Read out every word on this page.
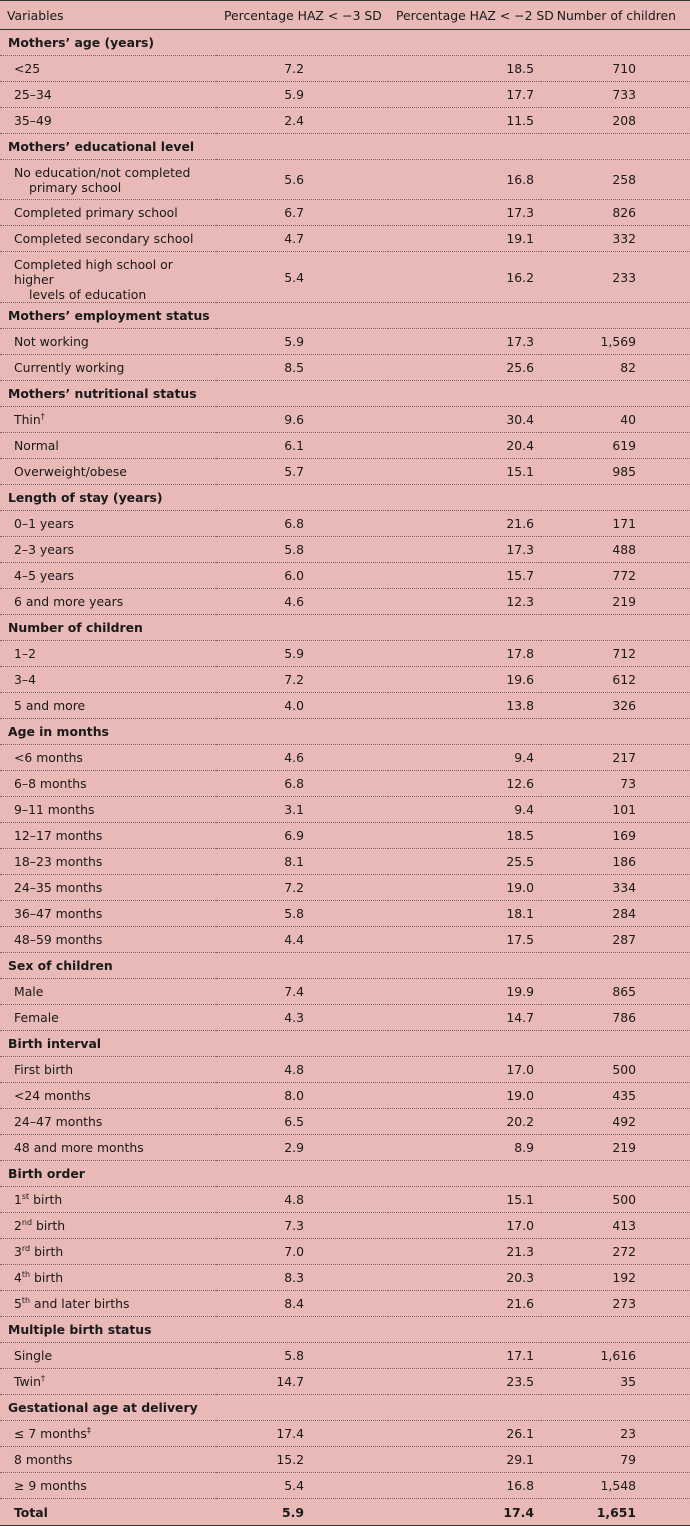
Variables	Percentage HAZ < −3 SD	Percentage HAZ < −2 SD	Number of children
Mothers’ age (years)			
<25	7.2	18.5	710
25–34	5.9	17.7	733
35–49	2.4	11.5	208
Mothers’ educational level			
No education/not completed
primary school	5.6	16.8	258
Completed primary school	6.7	17.3	826
Completed secondary school	4.7	19.1	332
Completed high school or higher
levels of education	5.4	16.2	233
Mothers’ employment status			
Not working	5.9	17.3	1,569
Currently working	8.5	25.6	82
Mothers’ nutritional status			
Thin†	9.6	30.4	40
Normal	6.1	20.4	619
Overweight/obese	5.7	15.1	985
Length of stay (years)			
0–1 years	6.8	21.6	171
2–3 years	5.8	17.3	488
4–5 years	6.0	15.7	772
6 and more years	4.6	12.3	219
Number of children			
1–2	5.9	17.8	712
3–4	7.2	19.6	612
5 and more	4.0	13.8	326
Age in months			
<6 months	4.6	9.4	217
6–8 months	6.8	12.6	73
9–11 months	3.1	9.4	101
12–17 months	6.9	18.5	169
18–23 months	8.1	25.5	186
24–35 months	7.2	19.0	334
36–47 months	5.8	18.1	284
48–59 months	4.4	17.5	287
Sex of children			
Male	7.4	19.9	865
Female	4.3	14.7	786
Birth interval			
First birth	4.8	17.0	500
<24 months	8.0	19.0	435
24–47 months	6.5	20.2	492
48 and more months	2.9	8.9	219
Birth order			
1st birth	4.8	15.1	500
2nd birth	7.3	17.0	413
3rd birth	7.0	21.3	272
4th birth	8.3	20.3	192
5th and later births	8.4	21.6	273
Multiple birth status			
Single	5.8	17.1	1,616
Twin†	14.7	23.5	35
Gestational age at delivery			
≤ 7 months‡	17.4	26.1	23
8 months	15.2	29.1	79
≥ 9 months	5.4	16.8	1,548
Total	5.9	17.4	1,651
